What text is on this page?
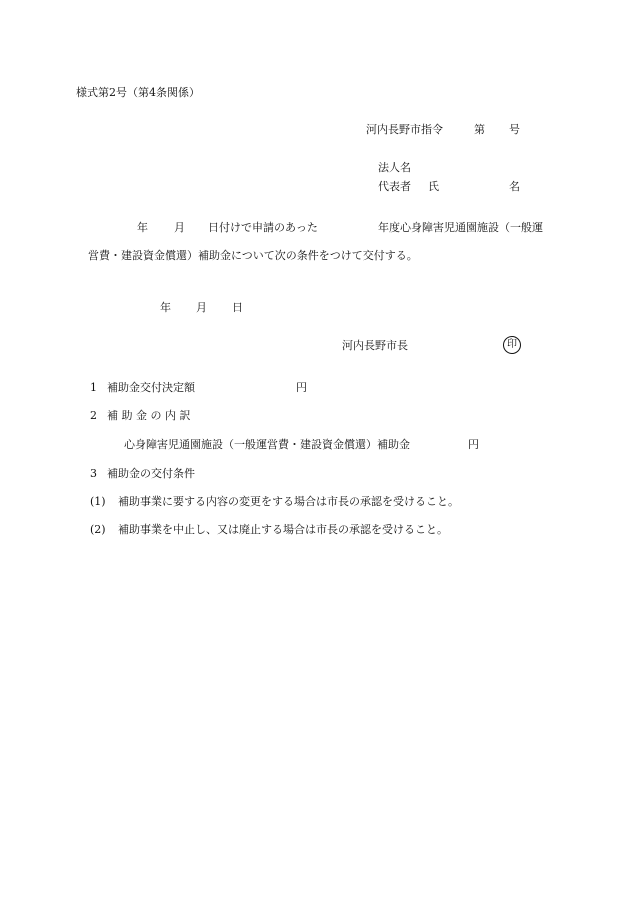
様式第2号（第4条関係）
河内長野市指令	第 号
法人名
代表者 氏	名
年 月 日付けで申請のあった	年度心身障害児通園施設（一般運
営費・建設資金償還）補助金について次の条件をつけて交付する。
年 月 日
河内長野市長	印
1 補助金交付決定額	円
2 補 助 金 の 内 訳
心身障害児通園施設（一般運営費・建設資金償還）補助金	円
3 補助金の交付条件
(1) 補助事業に要する内容の変更をする場合は市長の承認を受けること。
(2) 補助事業を中止し、又は廃止する場合は市長の承認を受けること。
